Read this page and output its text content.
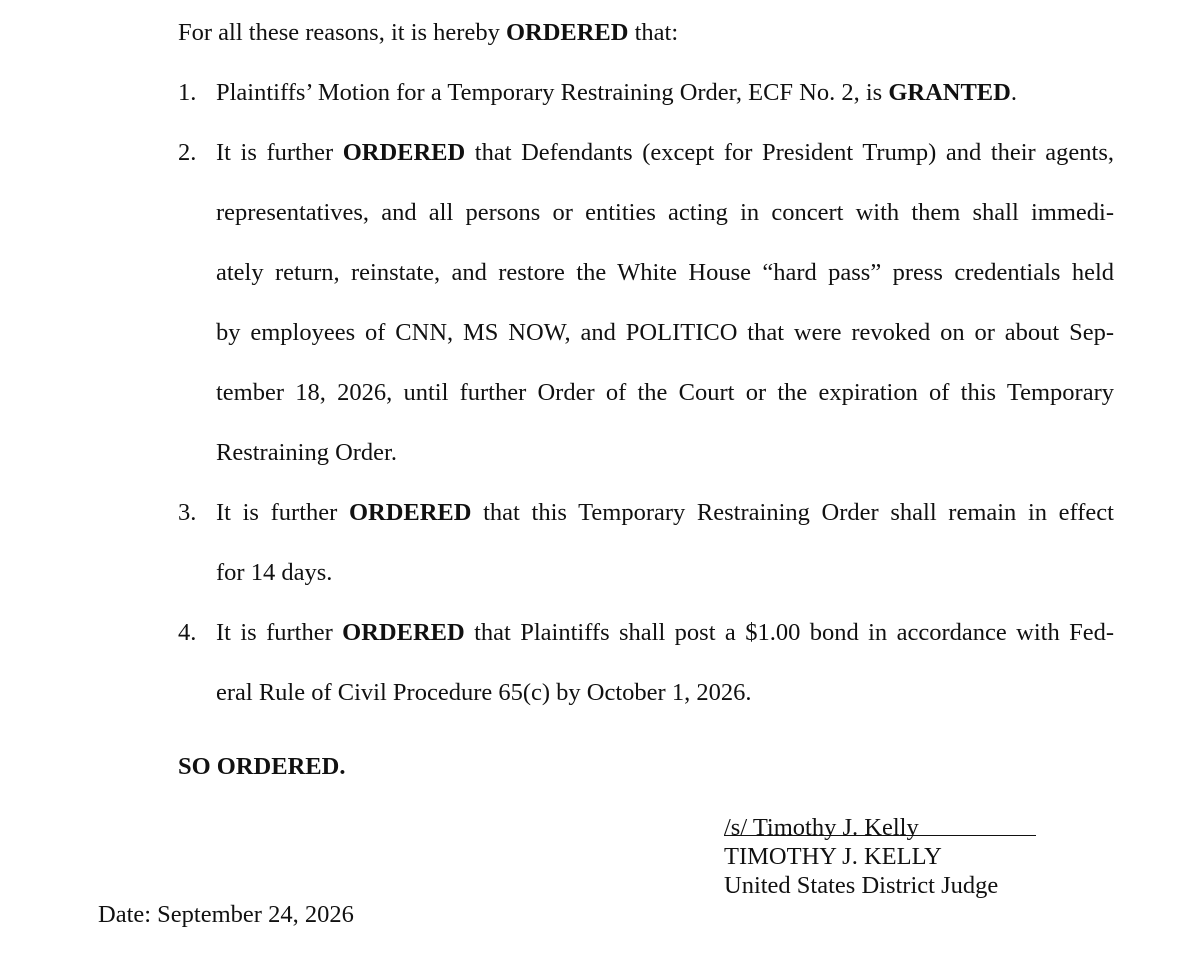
For all these reasons, it is hereby ORDERED that:
1. Plaintiffs’ Motion for a Temporary Restraining Order, ECF No. 2, is GRANTED.
2. It is further ORDERED that Defendants (except for President Trump) and their agents,
representatives, and all persons or entities acting in concert with them shall immedi-
ately return, reinstate, and restore the White House “hard pass” press credentials held
by employees of CNN, MS NOW, and POLITICO that were revoked on or about Sep-
tember 18, 2026, until further Order of the Court or the expiration of this Temporary
Restraining Order.
3. It is further ORDERED that this Temporary Restraining Order shall remain in effect
for 14 days.
4. It is further ORDERED that Plaintiffs shall post a $1.00 bond in accordance with Fed-
eral Rule of Civil Procedure 65(c) by October 1, 2026.
SO ORDERED.
/s/ Timothy J. Kelly
TIMOTHY J. KELLY
United States District Judge
Date: September 24, 2026
